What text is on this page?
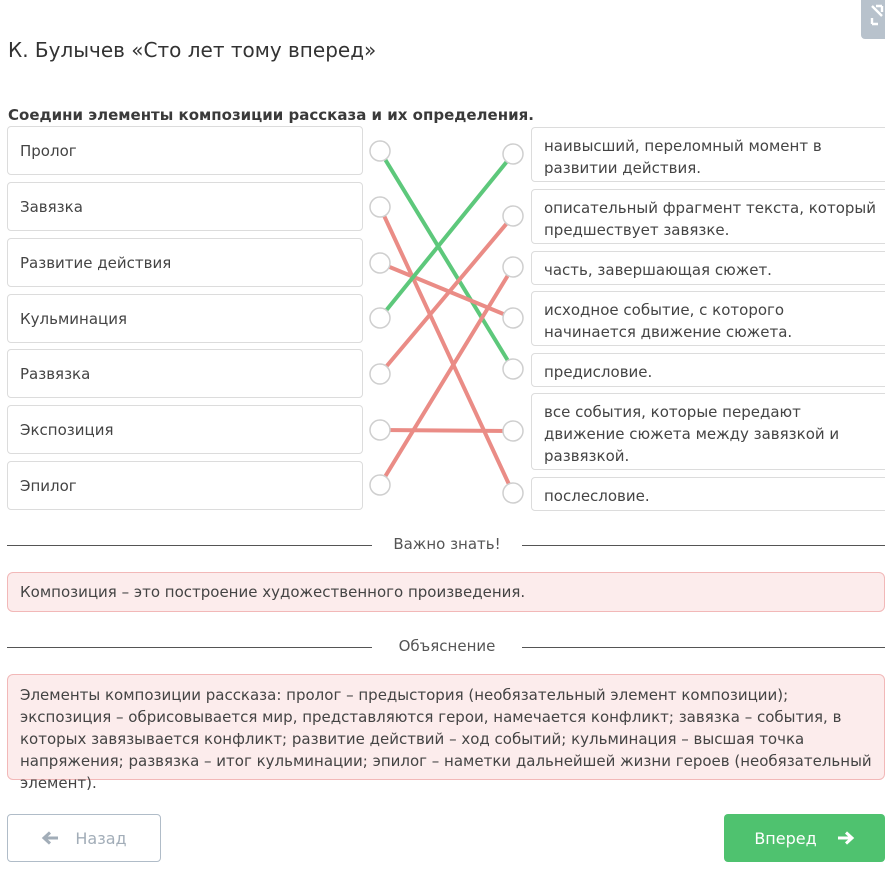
К. Булычев «Сто лет тому вперед»
Соедини элементы композиции рассказа и их определения.
Пролог
Завязка
Развитие действия
Кульминация
Развязка
Экспозиция
Эпилог
наивысший, переломный момент в развитии действия.
описательный фрагмент текста, который предшествует завязке.
часть, завершающая сюжет.
исходное событие, с которого начинается движение сюжета.
предисловие.
все события, которые передают движение сюжета между завязкой и развязкой.
послесловие.
Важно знать!
Композиция – это построение художественного произведения.
Объяснение
Элементы композиции рассказа: пролог – предыстория (необязательный элемент композиции); экспозиция – обрисовывается мир, представляются герои, намечается конфликт; завязка – события, в которых завязывается конфликт; развитие действий – ход событий; кульминация – высшая точка напряжения; развязка – итог кульминации; эпилог – наметки дальнейшей жизни героев (необязательный элемент).
Назад	Вперед
